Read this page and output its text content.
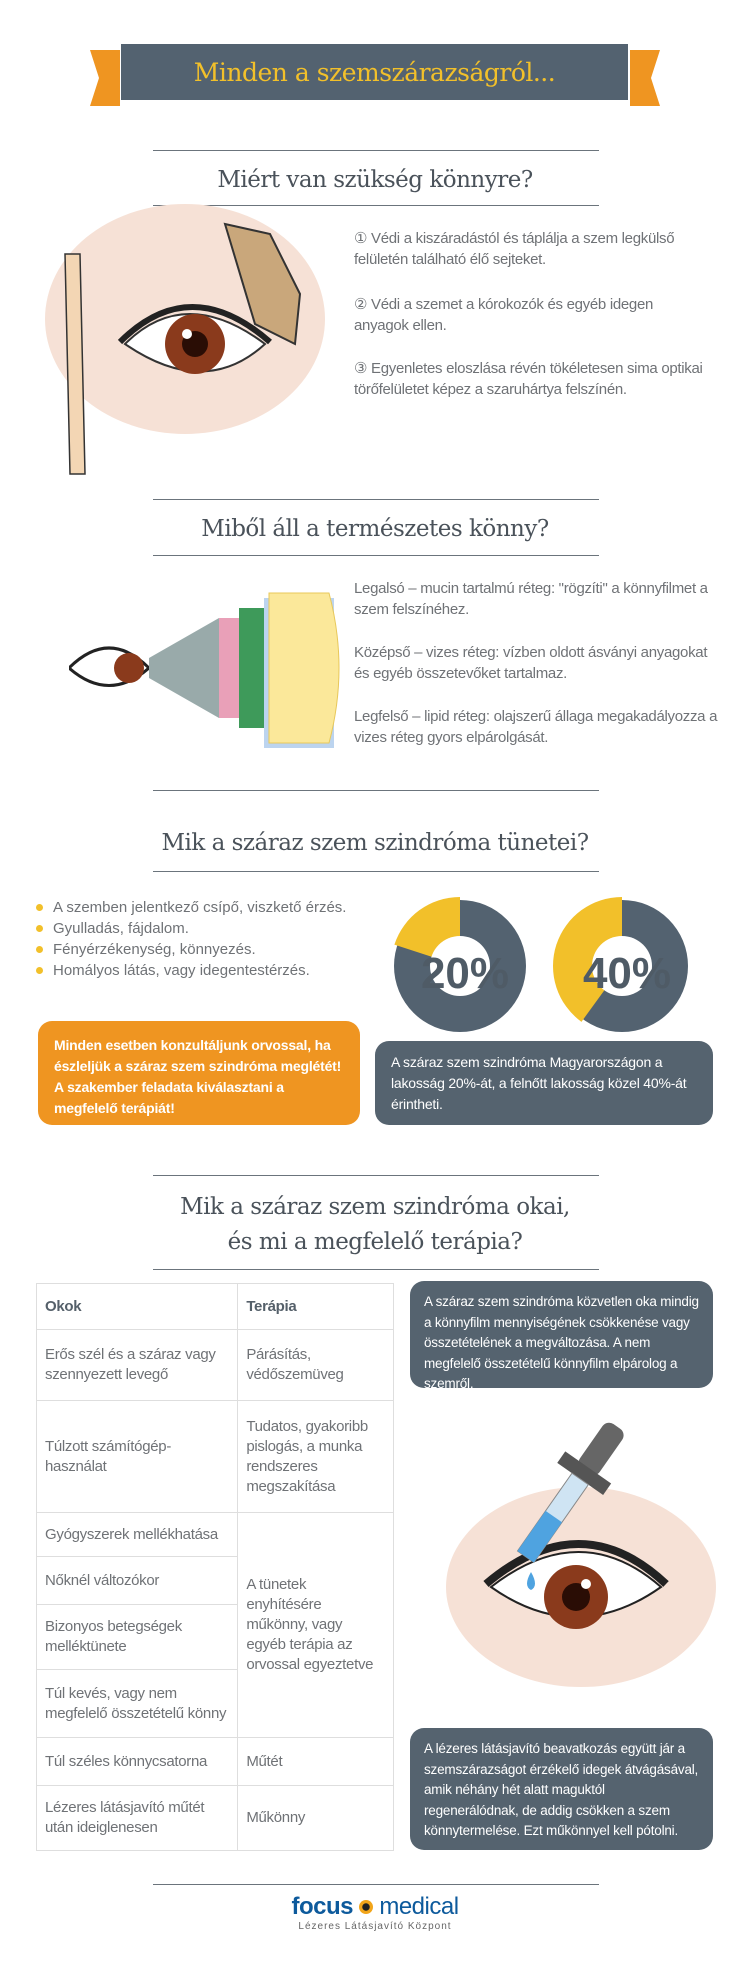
Minden a szemszárazságról...
Miért van szükség könnyre?
① Védi a kiszáradástól és táplálja a szem legkülső felületén található élő sejteket.
② Védi a szemet a kórokozók és egyéb idegen anyagok ellen.
③ Egyenletes eloszlása révén tökéletesen sima optikai törőfelületet képez a szaruhártya felszínén.
Miből áll a természetes könny?
Legalsó – mucin tartalmú réteg: "rögzíti" a könnyfilmet a szem felszínéhez.
Középső – vizes réteg: vízben oldott ásványi anyagokat és egyéb összetevőket tartalmaz.
Legfelső – lipid réteg: olajszerű állaga megakadályozza a vizes réteg gyors elpárolgását.
Mik a száraz szem szindróma tünetei?
A szemben jelentkező csípő, viszkető érzés.
Gyulladás, fájdalom.
Fényérzékenység, könnyezés.
Homályos látás, vagy idegentestérzés.	20% 40%
Minden esetben konzultáljunk orvossal, ha észleljük a száraz szem szindróma meglétét! A szakember feladata kiválasztani a megfelelő terápiát!
A száraz szem szindróma Magyarországon a lakosság 20%-át, a felnőtt lakosság közel 40%-át érintheti.
Mik a száraz szem szindróma okai,
és mi a megfelelő terápia?
Okok	Terápia
Erős szél és a száraz vagy szennyezett levegő	Párásítás, védőszemüveg
Túlzott számítógép-használat	Tudatos, gyakoribb pislogás, a munka rendszeres megszakítása
Gyógyszerek mellékhatása	A tünetek enyhítésére műkönny, vagy egyéb terápia az orvossal egyeztetve
Nőknél változókor	
Bizonyos betegségek melléktünete	
Túl kevés, vagy nem megfelelő összetételű könny	
Túl széles könnycsatorna	Műtét
Lézeres látásjavító műtét után ideiglenesen	Műkönny
A száraz szem szindróma közvetlen oka mindig a könnyfilm mennyiségének csökkenése vagy összetételének a megváltozása. A nem megfelelő összetételű könnyfilm elpárolog a szemről.
A lézeres látásjavító beavatkozás együtt jár a szemszárazságot érzékelő idegek átvágásával, amik néhány hét alatt maguktól regenerálódnak, de addig csökken a szem könnytermelése. Ezt műkönnyel kell pótolni.
focus medical
Lézeres Látásjavító Központ
